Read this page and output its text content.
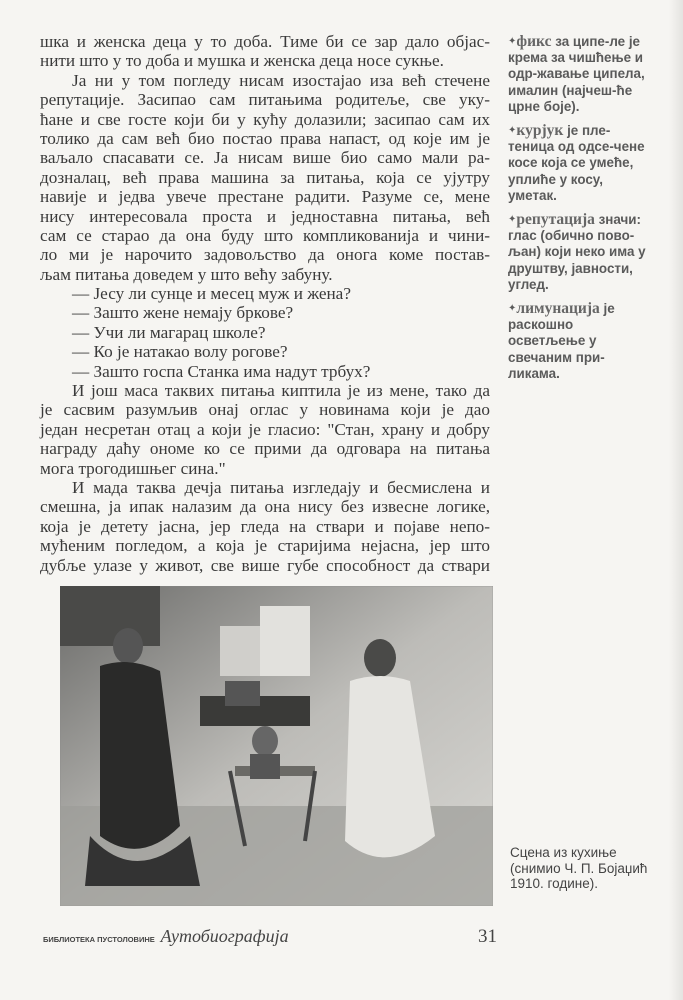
шка и женска деца у то доба. Тиме би се зар дало објас-
нити што у то доба и мушка и женска деца носе сукње.
Ја ни у том погледу нисам изостајао иза већ стечене
репутације. Засипао сам питањима родитеље, све уку-
ћане и све госте који би у кућу долазили; засипао сам их
толико да сам већ био постао права напаст, од које им је
ваљало спасавати се. Ја нисам више био само мали ра-
дозналац, већ права машина за питања, која се ујутру
навије и једва увече престане радити. Разуме се, мене
нису интересовала проста и једноставна питања, већ
сам се старао да она буду што компликованија и чини-
ло ми је нарочито задовољство да онога коме постав-
љам питања доведем у што већу забуну.
— Јесу ли сунце и месец муж и жена?
— Зашто жене немају бркове?
— Учи ли магарац школе?
— Ко је натакао волу рогове?
— Зашто госпа Станка има надут трбух?
И још маса таквих питања киптила је из мене, тако да
је сасвим разумљив онај оглас у новинама који је дао
један несретан отац а који је гласио: "Стан, храну и добру
награду даћу ономе ко се прими да одговара на питања
мога трогодишњег сина."
И мада таква дечја питања изгледају и бесмислена и
смешна, ја ипак налазим да она нису без извесне логике,
која је детету јасна, јер гледа на ствари и појаве непо-
мућеним погледом, а која је старијима нејасна, јер што
дубље улазе у живот, све више губе способност да ствари
✦фикс за ципе-ле је крема за чишћење и одр-жавање ципела, ималин (најчеш-ће црне боје).
✦курјук је пле-теница од одсе-чене косе која се умеће, уплиће у косу, уметак.
✦репутација значи: глас (обично пово-љан) који неко има у друштву, јавности, углед.
✦лимунација је раскошно осветљење у свечаним при-ликама.
Сцена из кухиње (снимио Ч. П. Бојаџић 1910. године).
БИБЛИОТЕКА ПУСТОЛОВИНЕ Аутобиографија	31
